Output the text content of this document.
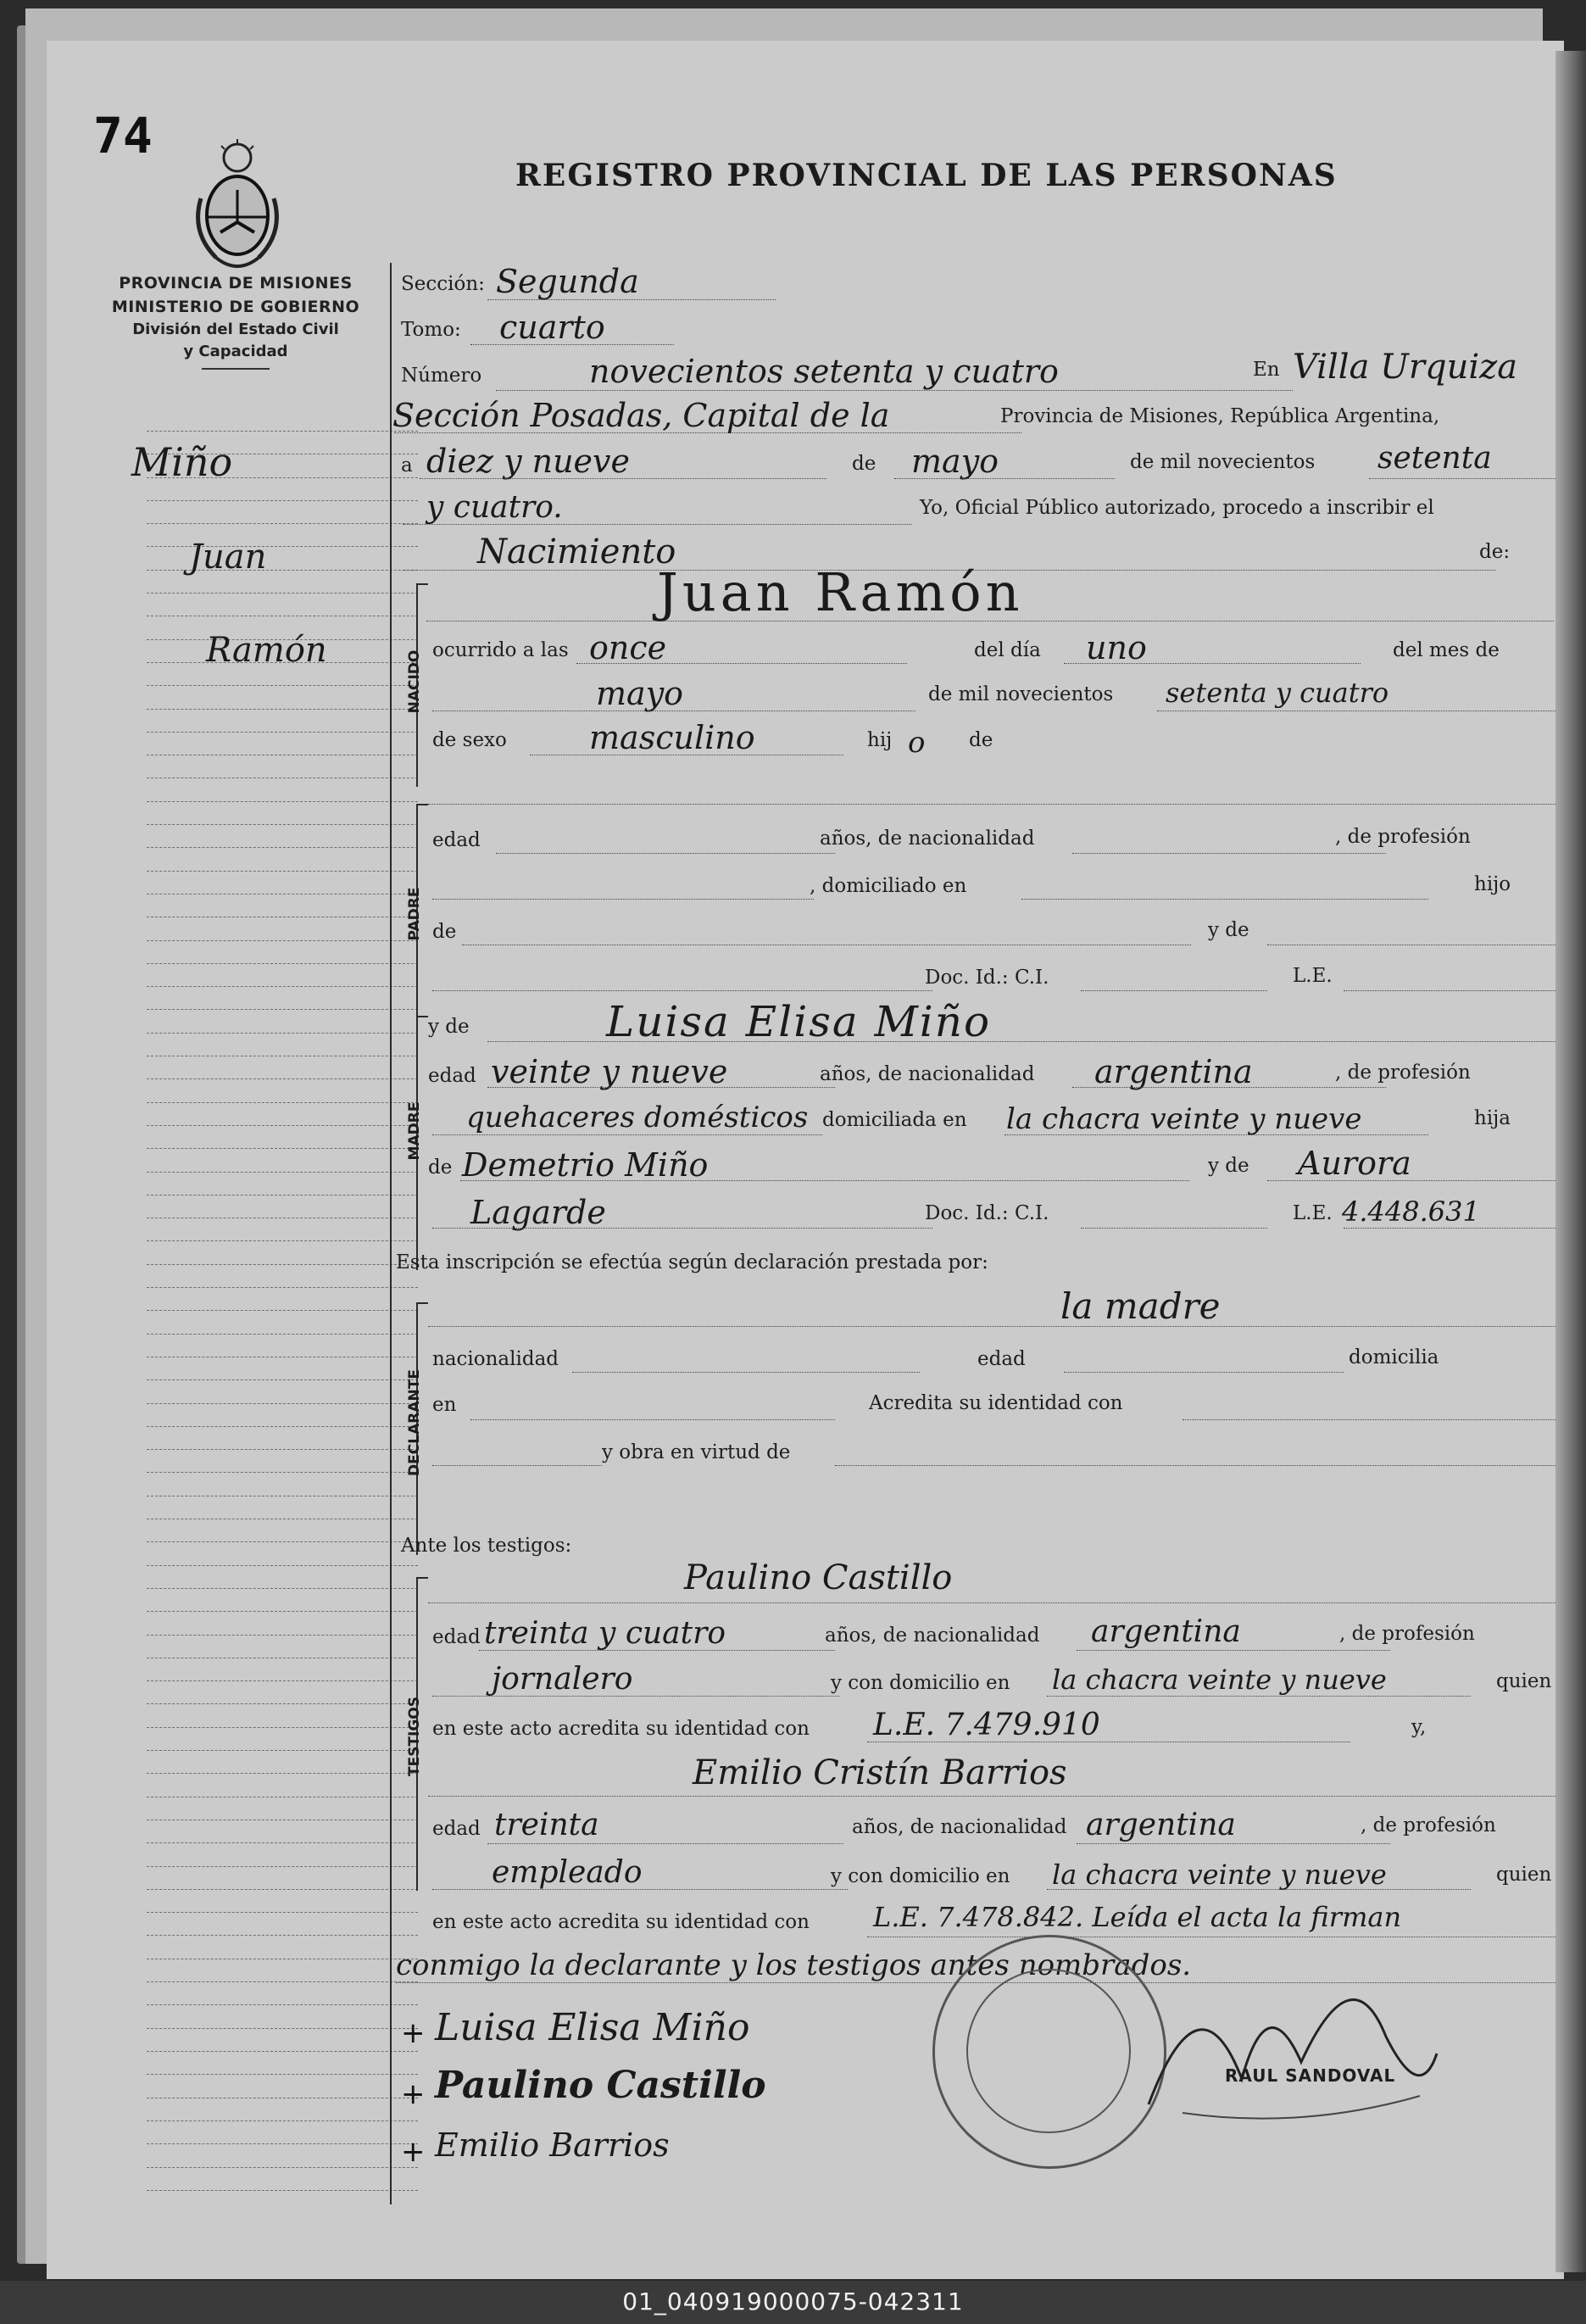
74
REGISTRO PROVINCIAL DE LAS PERSONAS
PROVINCIA DE MISIONES
MINISTERIO DE GOBIERNO
División del Estado Civil
y Capacidad
Miño
Juan
Ramón
Sección: Segunda
Tomo: cuarto
Número	novecientos setenta y cuatro	En Villa Urquiza
Sección Posadas, Capital de la	Provincia de Misiones, República Argentina,
a diez y nueve	de mayo	de mil novecientos setenta
y cuatro.	Yo, Oficial Público autorizado, procedo a inscribir el
Nacimiento	de:
NACIDO
Juan Ramón
ocurrido a las once	del día uno	del mes de
mayo	de mil novecientos setenta y cuatro
de sexo	masculino	hij o de
PADRE
edad	años, de nacionalidad	, de profesión
, domiciliado en	hijo
de	y de
Doc. Id.: C.I.	L.E.
MADRE
y de	Luisa Elisa Miño
edad veinte y nueve	años, de nacionalidad argentina	, de profesión
quehaceres domésticos domiciliada en la chacra veinte y nueve	hija
de Demetrio Miño	y de Aurora
Lagarde	Doc. Id.: C.I.	L.E. 4.448.631
Esta inscripción se efectúa según declaración prestada por:
la madre
DECLARANTE
nacionalidad	edad	domicilia
en	Acredita su identidad con
y obra en virtud de
Ante los testigos:
TESTIGOS
Paulino Castillo
edad treinta y cuatro	años, de nacionalidad argentina	, de profesión
jornalero	y con domicilio en la chacra veinte y nueve	quien
en este acto acredita su identidad con L.E. 7.479.910	y,
Emilio Cristín Barrios
edad treinta	años, de nacionalidad argentina	, de profesión
empleado	y con domicilio en la chacra veinte y nueve	quien
en este acto acredita su identidad con L.E. 7.478.842. Leída el acta la firman
conmigo la declarante y los testigos antes nombrados.
+ Luisa Elisa Miño
+ Paulino Castillo
+ Emilio Barrios
RAUL SANDOVAL
01_040919000075-042311
